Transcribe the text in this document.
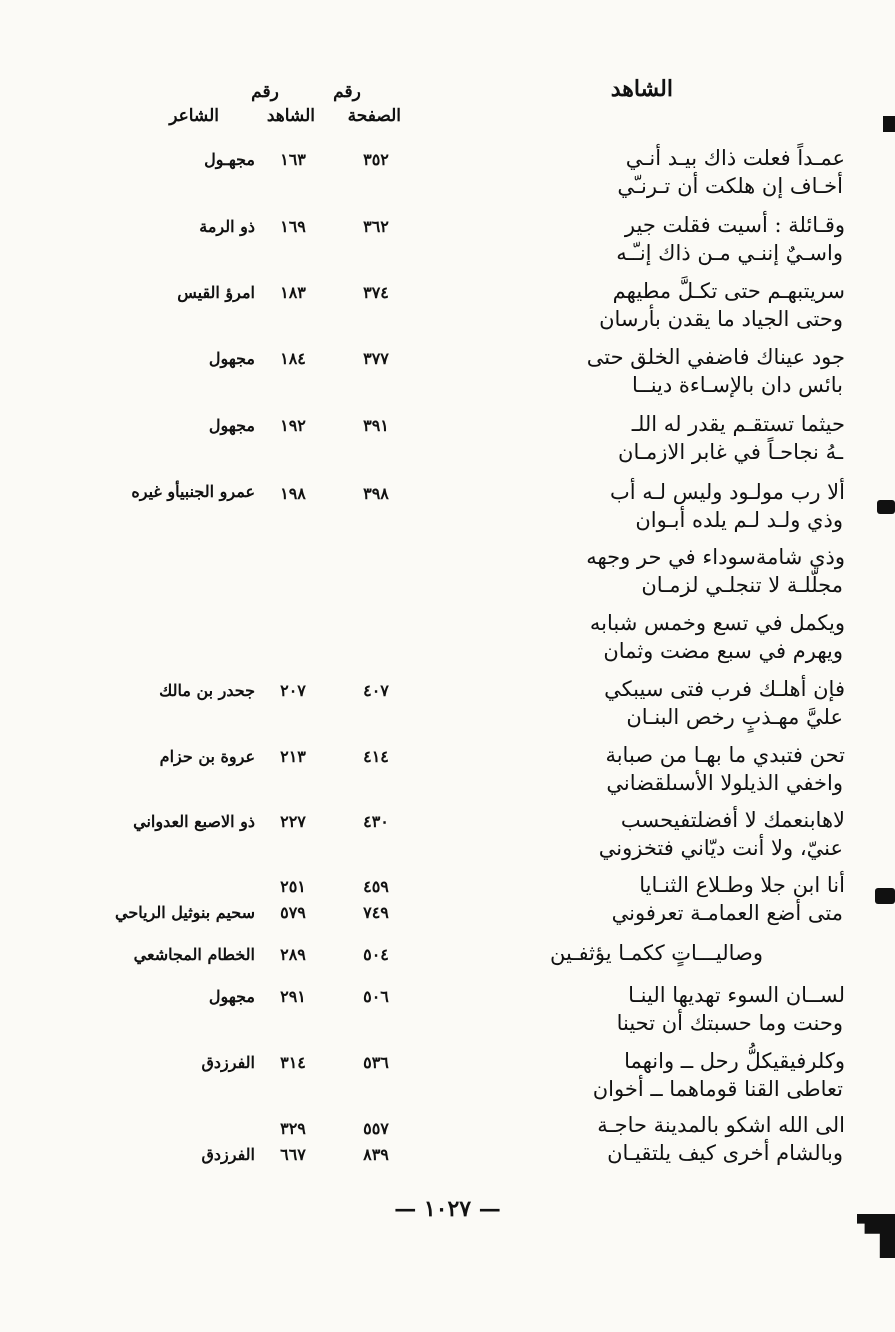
الشاهد
رقم
الصفحة
رقم
الشاهد
الشاعر
عمـداً فعلت ذاك بيـد أنـي
أخـاف إن هلكت أن تـرنـّي
٣٥٢
١٦٣
مجهـول
وقـائلة : أسيت فقلت جير
واسـيٌ إننـي مـن ذاك إنـّـه
٣٦٢
١٦٩
ذو الرمة
سريتبهـم حتى تكـلَّ مطيهم
وحتى الجياد ما يقدن بأرسان
٣٧٤
١٨٣
امرؤ القيس
جود عيناك فاضفي الخلق حتى
بائس دان بالإسـاءة دينــا
٣٧٧
١٨٤
مجهول
حيثما تستقـم يقدر له اللـ
ـهُ نجاحـاً في غابر الازمـان
٣٩١
١٩٢
مجهول
ألا رب مولـود وليس لـه أب
وذي ولـد لـم يلده أبـوان
٣٩٨
١٩٨
عمرو الجنبيأو غيره
وذي شامةسوداء في حر وجهه
مجلّلـة لا تنجلـي لزمـان
ويكمل في تسع وخمس شبابه
ويهرم في سبع مضت وثمان
فإن أهلـك فرب فتى سيبكي
عليَّ مهـذبٍ رخص البنـان
٤٠٧
٢٠٧
جحدر بن مالك
تحن فتبدي ما بهـا من صبابة
واخفي الذيلولا الأسىلقضاني
٤١٤
٢١٣
عروة بن حزام
لاهابنعمك لا أفضلتفيحسب
عنيّ، ولا أنت ديّاني فتخزوني
٤٣٠
٢٢٧
ذو الاصبع العدواني
أنا ابن جلا وطـلاع الثنـايا
متى أضع العمامـة تعرفوني
٤٥٩
٢٥١
٧٤٩
٥٧٩
سحيم بنوثيل الرياحي
وصاليـــاتٍ ككمـا يؤثفـين
٥٠٤
٢٨٩
الخطام المجاشعي
لســان السوء تهديها الينـا
وحنت وما حسبتك أن تحينا
٥٠٦
٢٩١
مجهول
وكلرفيقيكلُّ رحل ــ وانهما
تعاطى القنا قوماهما ــ أخوان
٥٣٦
٣١٤
الفرزدق
الى الله اشكو بالمدينة حاجـة
وبالشام أخرى كيف يلتقيـان
٥٥٧
٣٢٩
٨٣٩
٦٦٧
الفرزدق
— ١٠٢٧ —
